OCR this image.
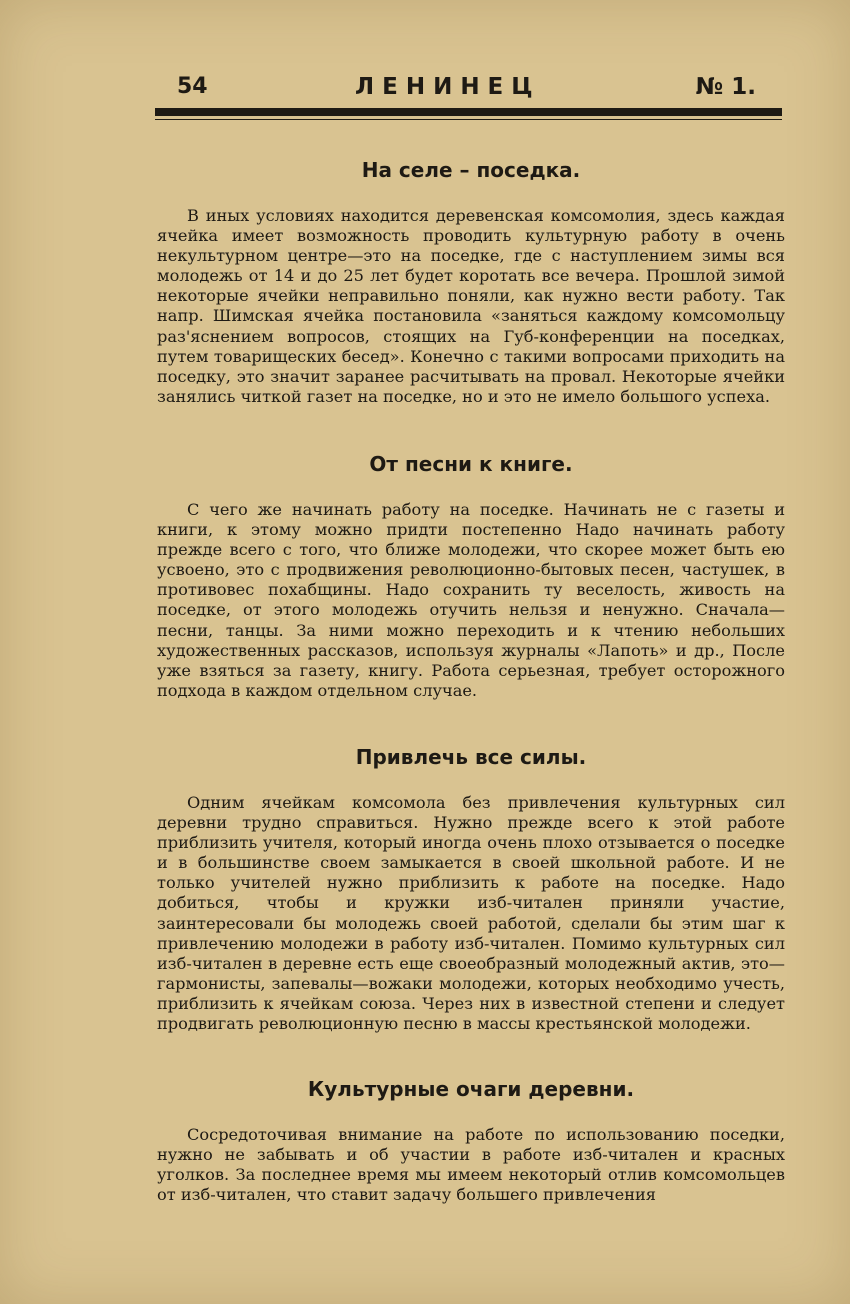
54	ЛЕНИНЕЦ	№ 1.
На селе – поседка.

В иных условиях находится деревенская комсомолия, здесь каждая ячейка имеет возможность проводить культурную работу в очень некультурном центре—это на поседке, где с наступлением зимы вся молодежь от 14 и до 25 лет будет коротать все вечера. Прошлой зимой некоторые ячейки неправильно поняли, как нужно вести работу. Так напр. Шимская ячейка постановила «заняться каждому комсомольцу раз'яснением вопросов, стоящих на Губ-конференции на поседках, путем товарищеских бесед». Конечно с такими вопросами приходить на поседку, это значит заранее расчитывать на провал. Некоторые ячейки занялись читкой газет на поседке, но и это не имело большого успеха.

От песни к книге.

С чего же начинать работу на поседке. Начинать не с газеты и книги, к этому можно придти постепенно Надо начинать работу прежде всего с того, что ближе молодежи, что скорее может быть ею усвоено, это с продвижения революционно-бытовых песен, частушек, в противовес похабщины. Надо сохранить ту веселость, живость на поседке, от этого молодежь отучить нельзя и ненужно. Сначала—песни, танцы. За ними можно переходить и к чтению небольших художественных рассказов, используя журналы «Лапоть» и др., После уже взяться за газету, книгу. Работа серьезная, требует осторожного подхода в каждом отдельном случае.

Привлечь все силы.

Одним ячейкам комсомола без привлечения культурных сил деревни трудно справиться. Нужно прежде всего к этой работе приблизить учителя, который иногда очень плохо отзывается о поседке и в большинстве своем замыкается в своей школьной работе. И не только учителей нужно приблизить к работе на поседке. Надо добиться, чтобы и кружки изб-читален приняли участие, заинтересовали бы молодежь своей работой, сделали бы этим шаг к привлечению молодежи в работу изб-читален. Помимо культурных сил изб-читален в деревне есть еще своеобразный молодежный актив, это—гармонисты, запевалы—вожаки молодежи, которых необходимо учесть, приблизить к ячейкам союза. Через них в известной степени и следует продвигать революционную песню в массы крестьянской молодежи.

Культурные очаги деревни.

Сосредоточивая внимание на работе по использованию поседки, нужно не забывать и об участии в работе изб-читален и красных уголков. За последнее время мы имеем некоторый отлив комсомольцев от изб-читален, что ставит задачу большего привлечения
